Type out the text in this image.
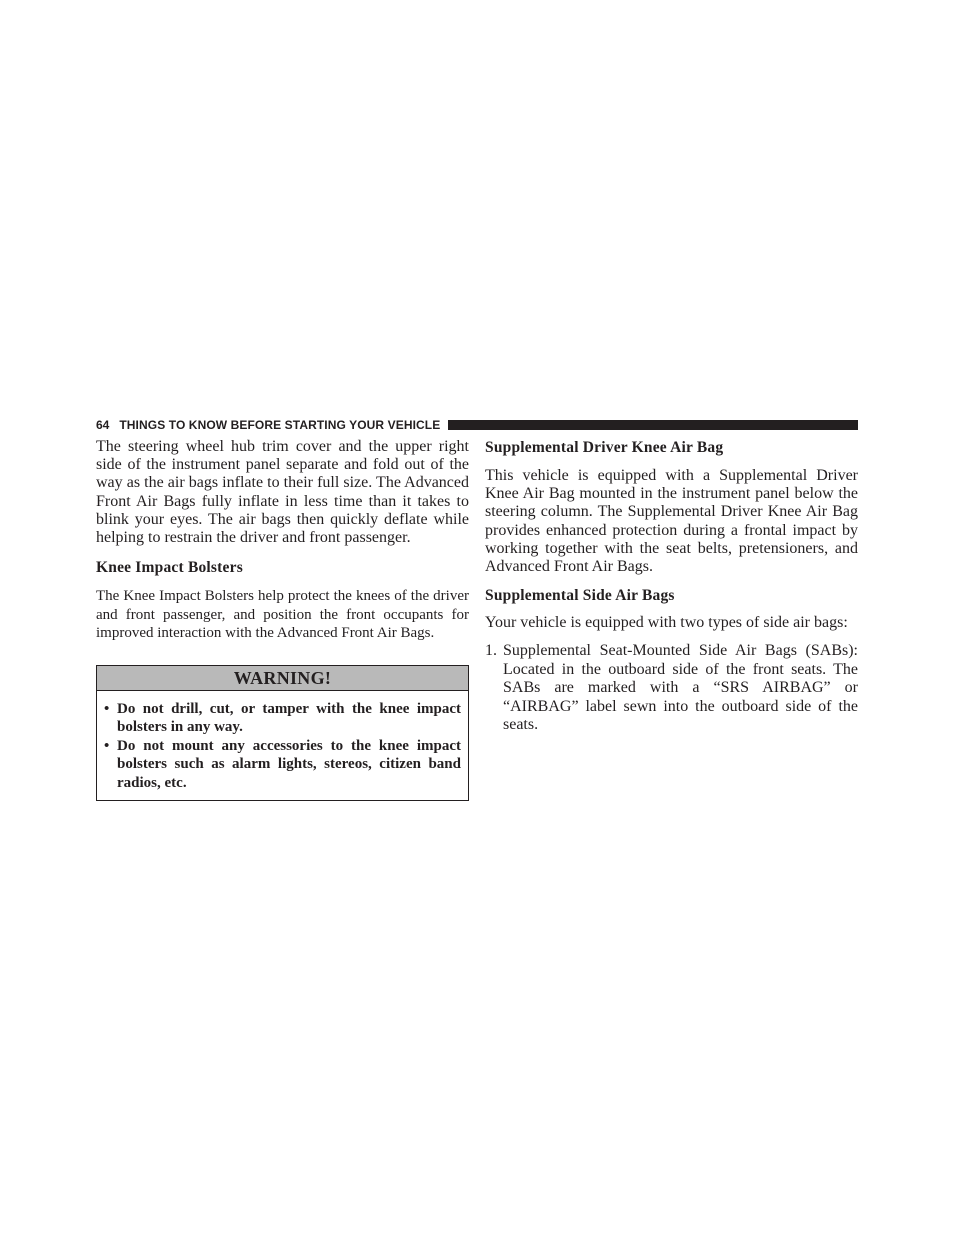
64 THINGS TO KNOW BEFORE STARTING YOUR VEHICLE

The steering wheel hub trim cover and the upper right side of the instrument panel separate and fold out of the way as the air bags inflate to their full size. The Advanced Front Air Bags fully inflate in less time than it takes to blink your eyes. The air bags then quickly deflate while helping to restrain the driver and front passenger.

Knee Impact Bolsters

The Knee Impact Bolsters help protect the knees of the driver and front passenger, and position the front occupants for improved interaction with the Advanced Front Air Bags.

WARNING!
• Do not drill, cut, or tamper with the knee impact bolsters in any way.
• Do not mount any accessories to the knee impact bolsters such as alarm lights, stereos, citizen band radios, etc.
Supplemental Driver Knee Air Bag

This vehicle is equipped with a Supplemental Driver Knee Air Bag mounted in the instrument panel below the steering column. The Supplemental Driver Knee Air Bag provides enhanced protection during a frontal impact by working together with the seat belts, pretensioners, and Advanced Front Air Bags.

Supplemental Side Air Bags

Your vehicle is equipped with two types of side air bags:

1. Supplemental Seat-Mounted Side Air Bags (SABs): Located in the outboard side of the front seats. The SABs are marked with a “SRS AIRBAG” or “AIRBAG” label sewn into the outboard side of the seats.
